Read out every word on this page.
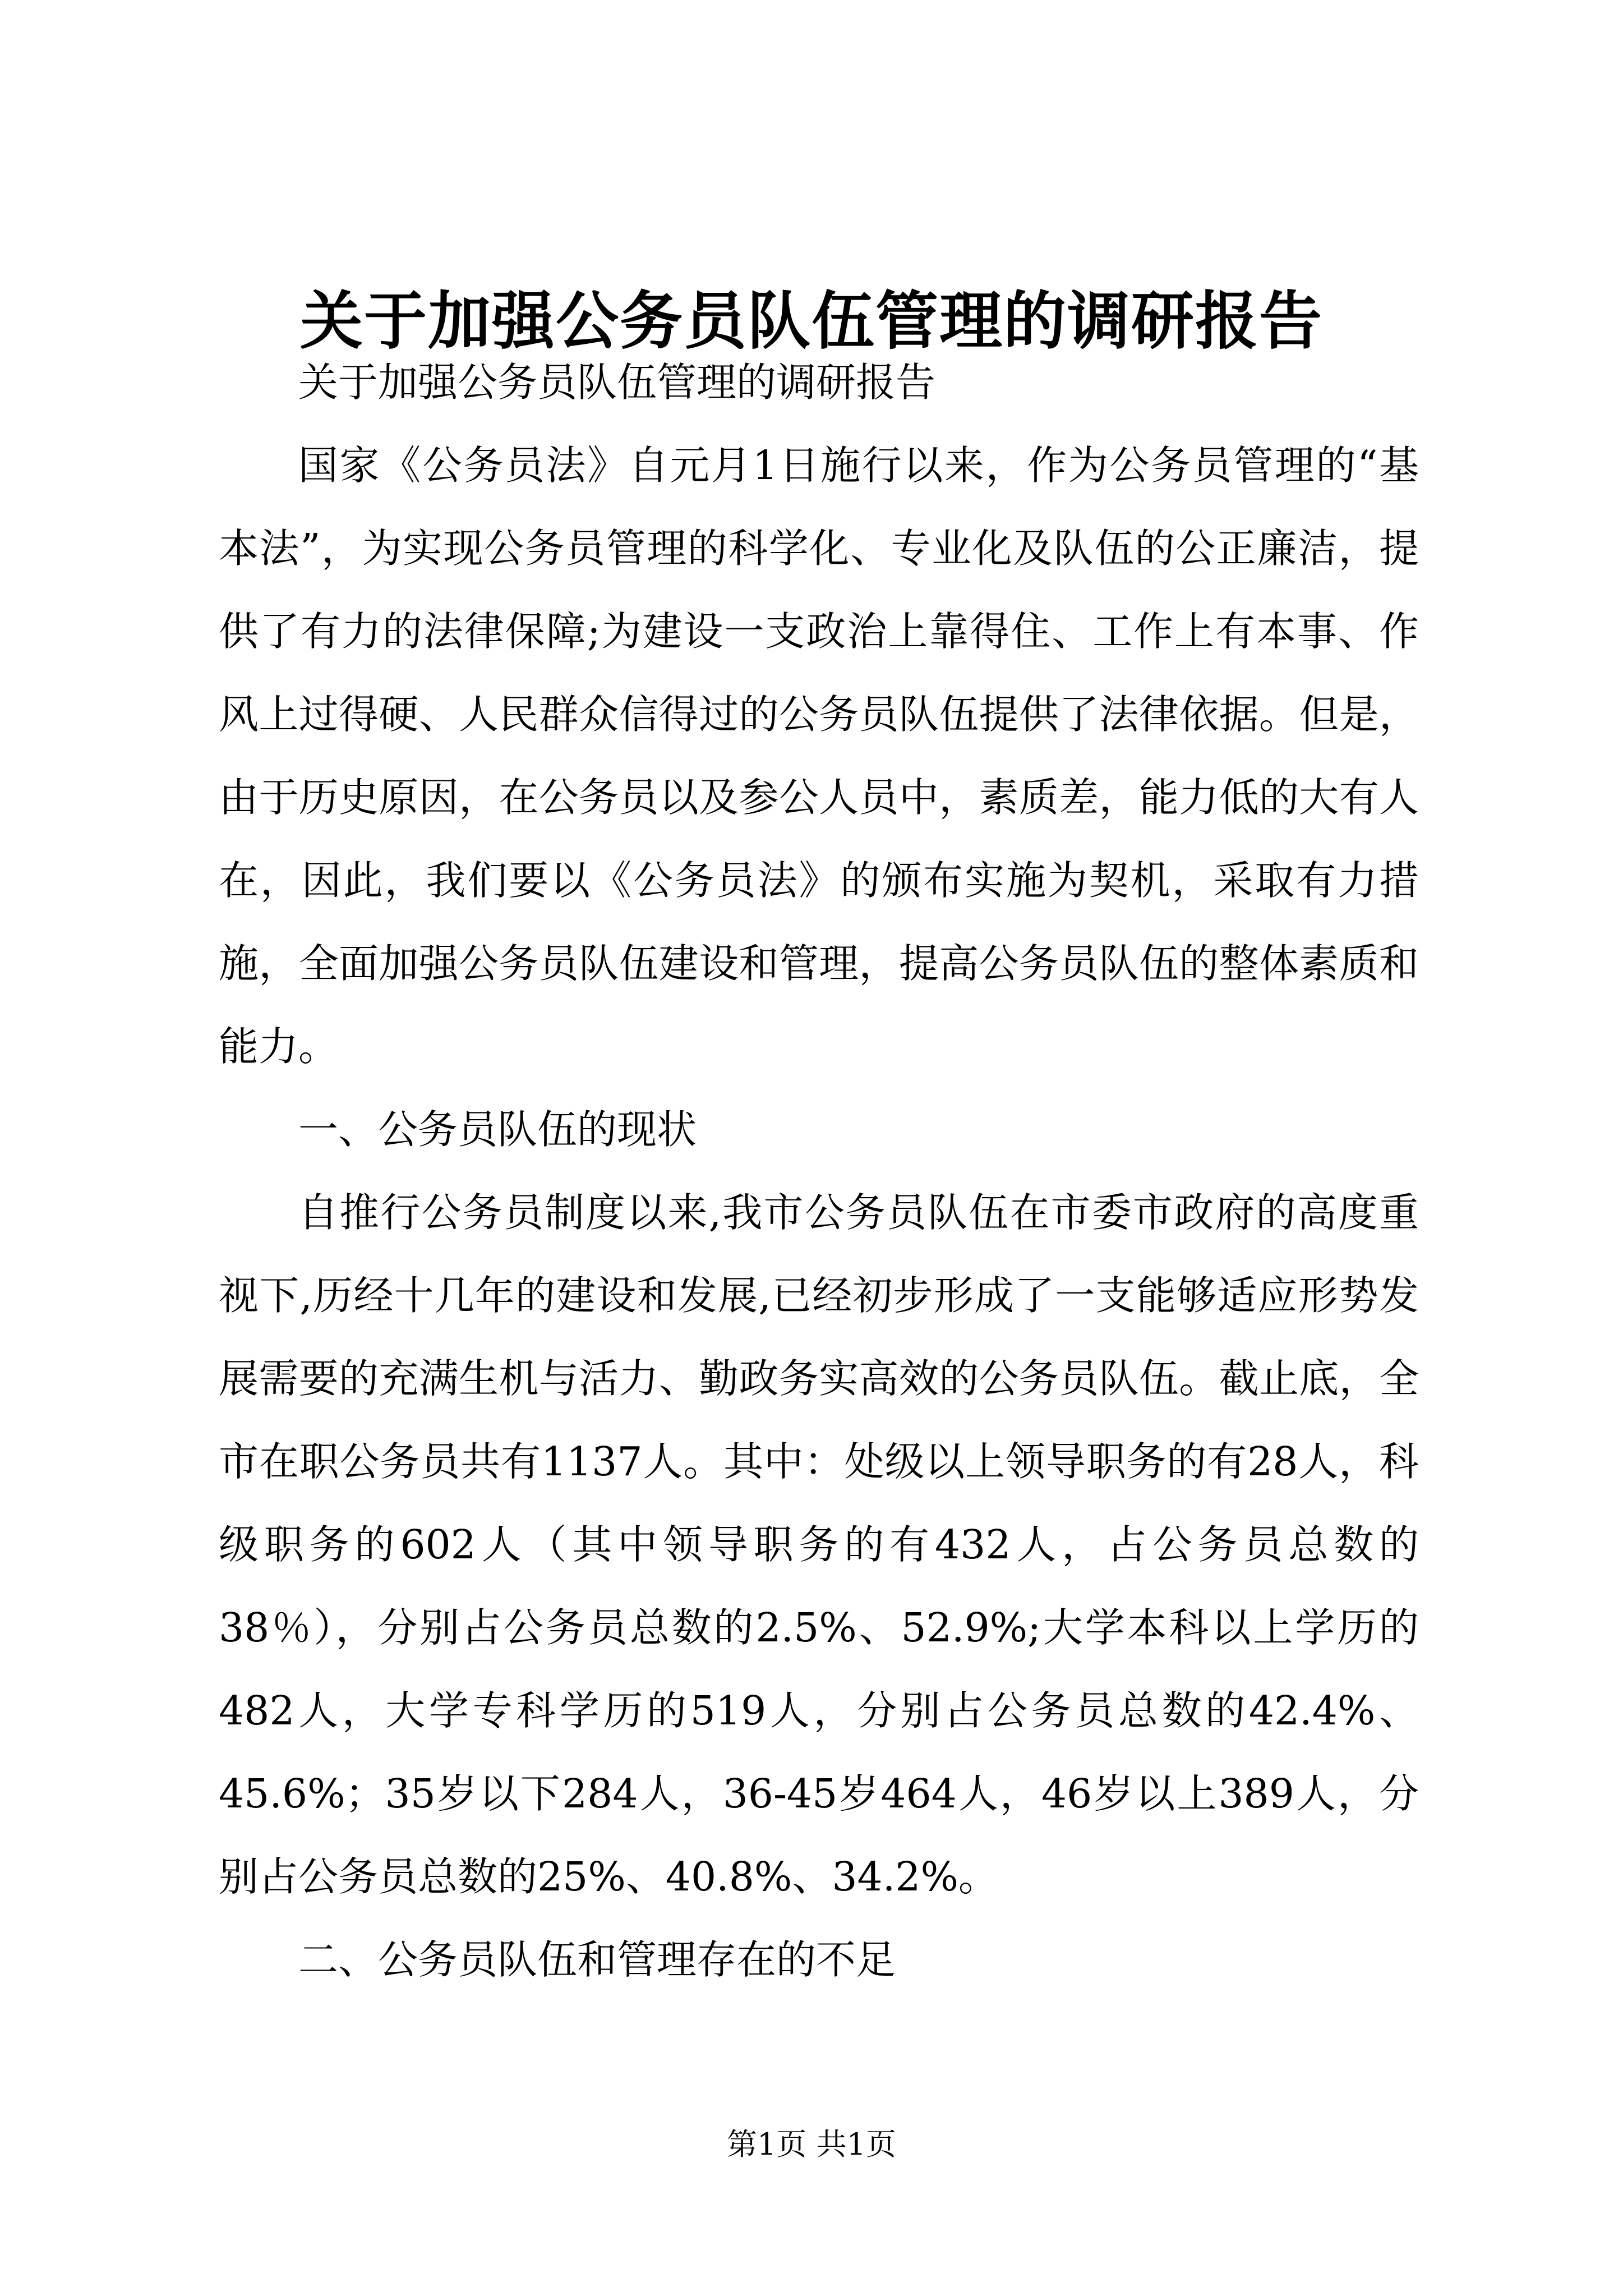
关于加强公务员队伍管理的调研报告

关于加强公务员队伍管理的调研报告

国家《公务员法》自元月1日施行以来，作为公务员管理的“基本法”，为实现公务员管理的科学化、专业化及队伍的公正廉洁，提供了有力的法律保障;为建设一支政治上靠得住、工作上有本事、作风上过得硬、人民群众信得过的公务员队伍提供了法律依据。但是，由于历史原因，在公务员以及参公人员中，素质差，能力低的大有人在，因此，我们要以《公务员法》的颁布实施为契机，采取有力措施，全面加强公务员队伍建设和管理，提高公务员队伍的整体素质和能力。

一、公务员队伍的现状

自推行公务员制度以来,我市公务员队伍在市委市政府的高度重视下,历经十几年的建设和发展,已经初步形成了一支能够适应形势发展需要的充满生机与活力、勤政务实高效的公务员队伍。截止底，全市在职公务员共有1137人。其中：处级以上领导职务的有28人，科级职务的602人（其中领导职务的有432人，占公务员总数的38％），分别占公务员总数的2.5%、52.9%;大学本科以上学历的482人，大学专科学历的519人，分别占公务员总数的42.4%、45.6%；35岁以下284人，36-45岁464人，46岁以上389人，分别占公务员总数的25%、40.8%、34.2%。

二、公务员队伍和管理存在的不足

第1页 共1页
